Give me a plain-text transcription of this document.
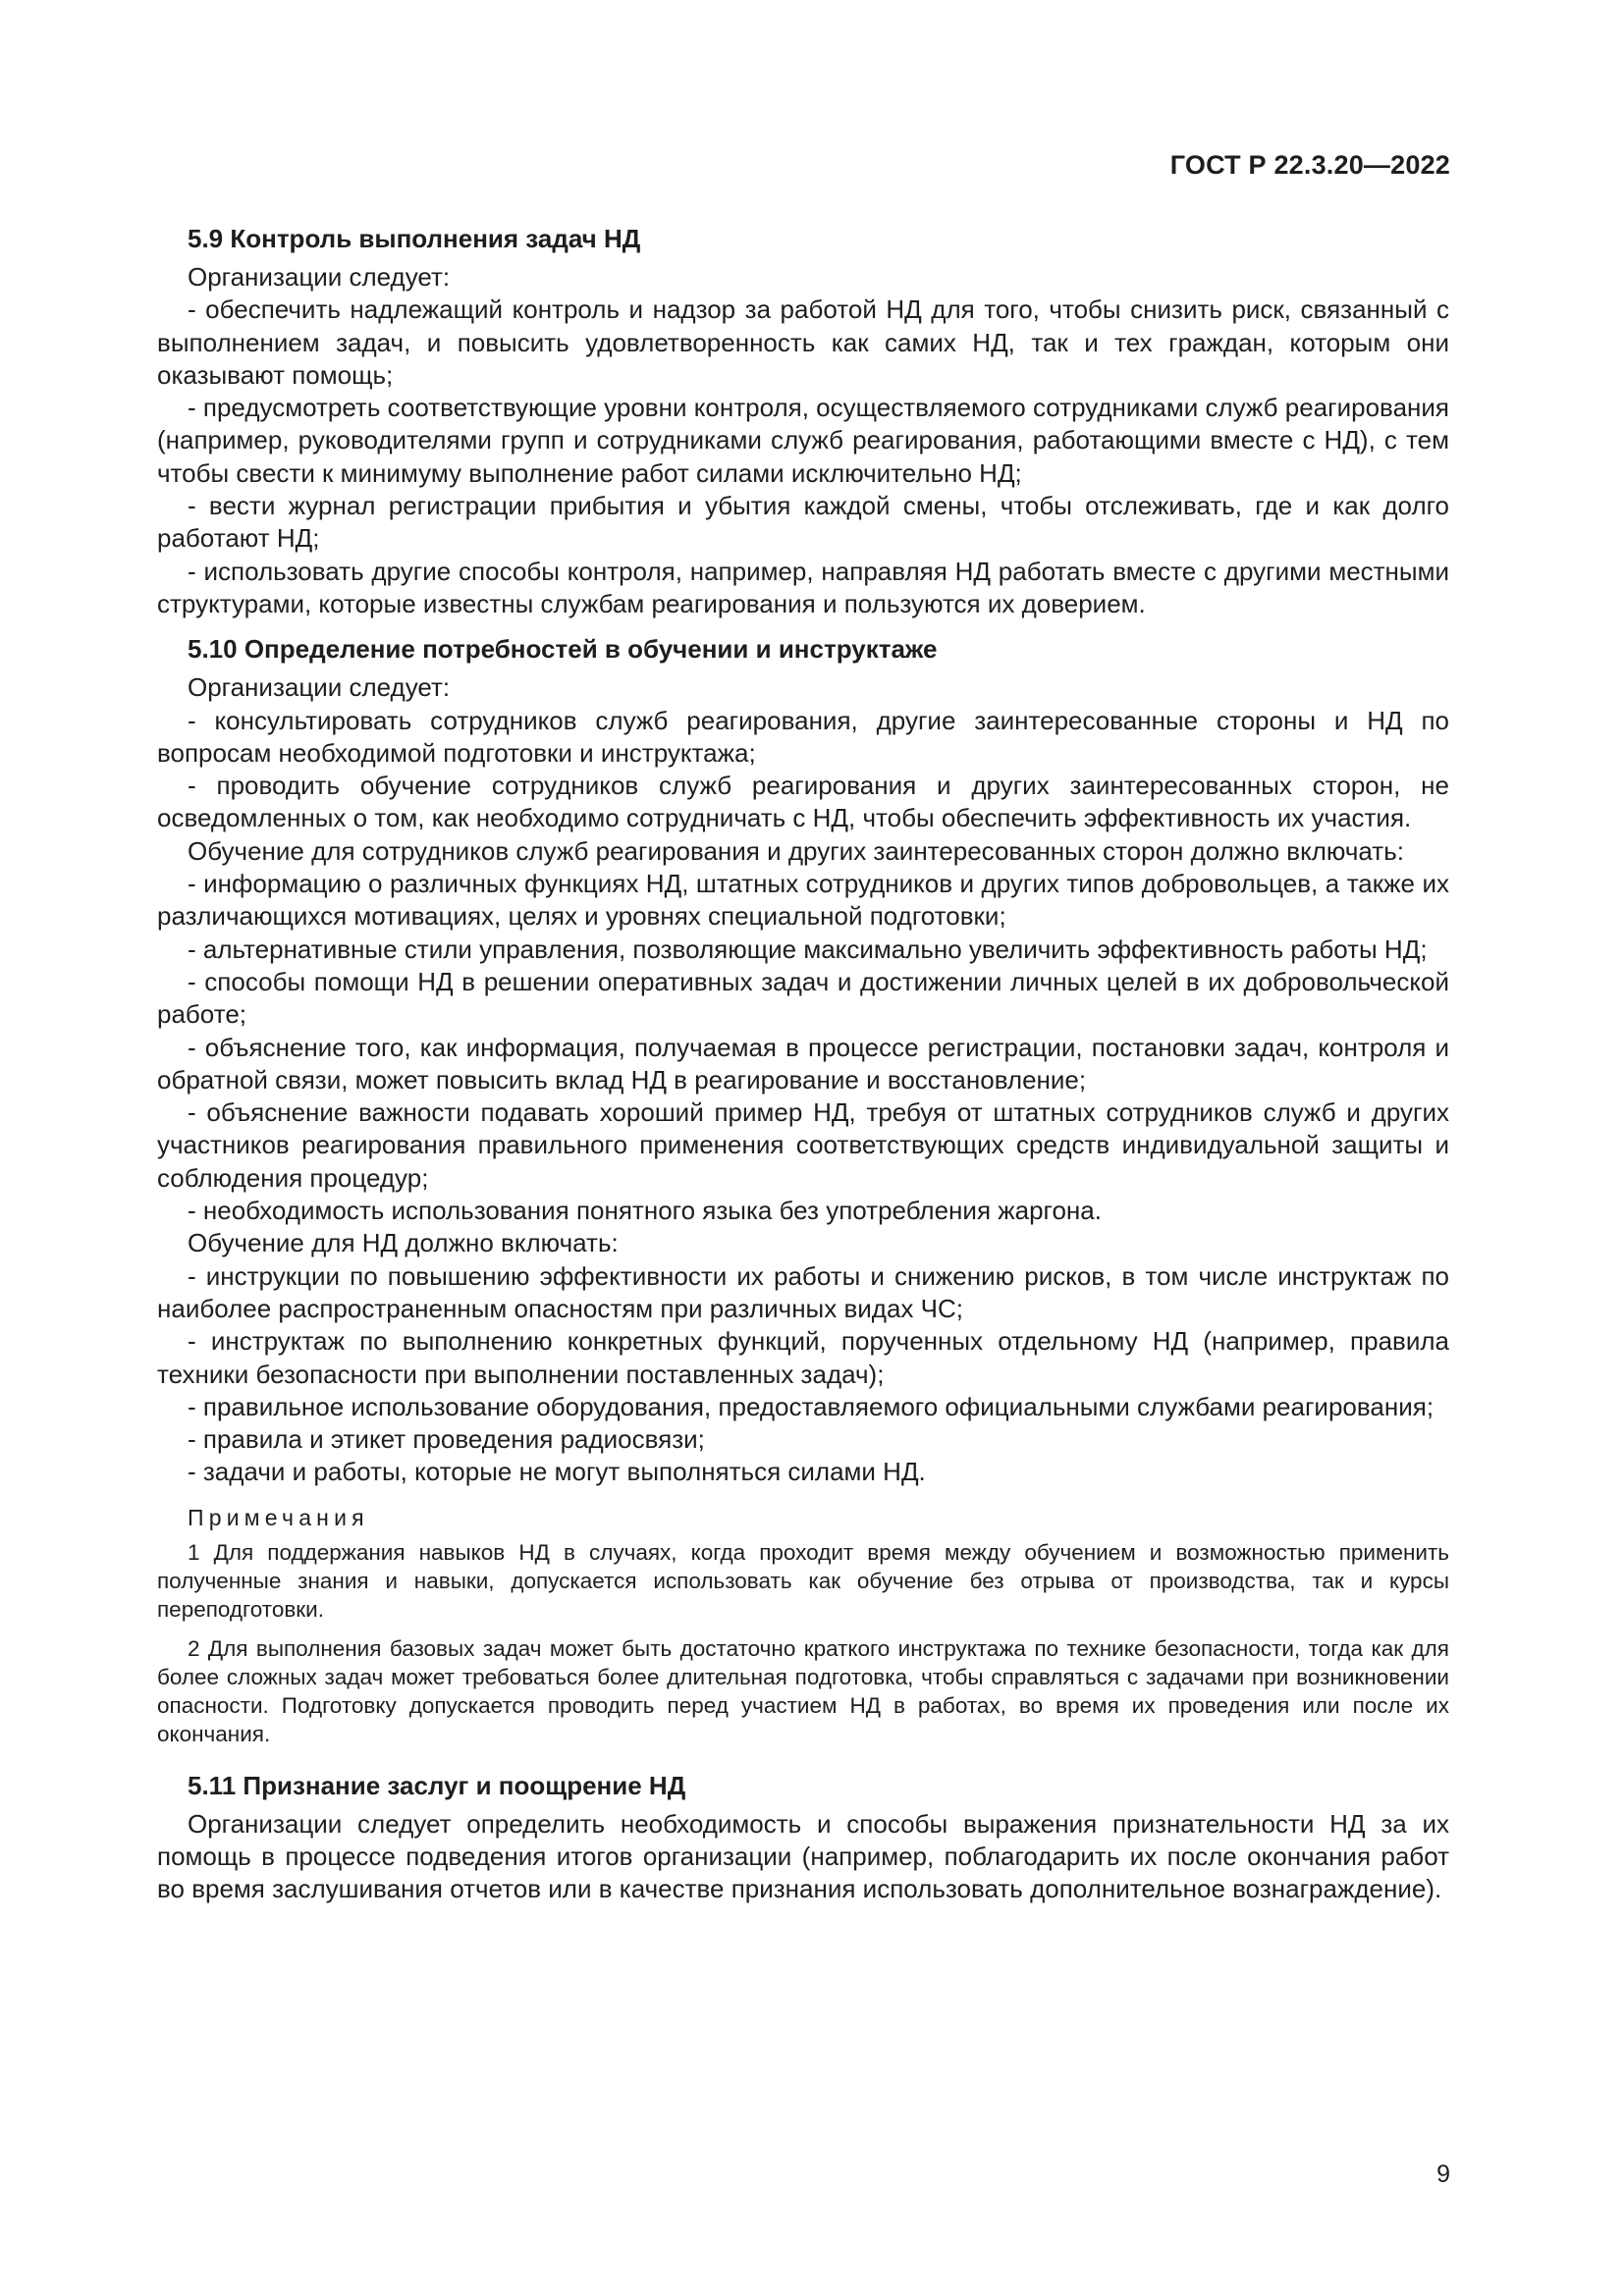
ГОСТ Р 22.3.20—2022
5.9 Контроль выполнения задач НД

Организации следует:

- обеспечить надлежащий контроль и надзор за работой НД для того, чтобы снизить риск, связанный с выполнением задач, и повысить удовлетворенность как самих НД, так и тех граждан, которым они оказывают помощь;

- предусмотреть соответствующие уровни контроля, осуществляемого сотрудниками служб реагирования (например, руководителями групп и сотрудниками служб реагирования, работающими вместе с НД), с тем чтобы свести к минимуму выполнение работ силами исключительно НД;

- вести журнал регистрации прибытия и убытия каждой смены, чтобы отслеживать, где и как долго работают НД;

- использовать другие способы контроля, например, направляя НД работать вместе с другими местными структурами, которые известны службам реагирования и пользуются их доверием.

5.10 Определение потребностей в обучении и инструктаже

Организации следует:

- консультировать сотрудников служб реагирования, другие заинтересованные стороны и НД по вопросам необходимой подготовки и инструктажа;

- проводить обучение сотрудников служб реагирования и других заинтересованных сторон, не осведомленных о том, как необходимо сотрудничать с НД, чтобы обеспечить эффективность их участия.

Обучение для сотрудников служб реагирования и других заинтересованных сторон должно включать:

- информацию о различных функциях НД, штатных сотрудников и других типов добровольцев, а также их различающихся мотивациях, целях и уровнях специальной подготовки;

- альтернативные стили управления, позволяющие максимально увеличить эффективность работы НД;

- способы помощи НД в решении оперативных задач и достижении личных целей в их добровольческой работе;

- объяснение того, как информация, получаемая в процессе регистрации, постановки задач, контроля и обратной связи, может повысить вклад НД в реагирование и восстановление;

- объяснение важности подавать хороший пример НД, требуя от штатных сотрудников служб и других участников реагирования правильного применения соответствующих средств индивидуальной защиты и соблюдения процедур;

- необходимость использования понятного языка без употребления жаргона.

Обучение для НД должно включать:

- инструкции по повышению эффективности их работы и снижению рисков, в том числе инструктаж по наиболее распространенным опасностям при различных видах ЧС;

- инструктаж по выполнению конкретных функций, порученных отдельному НД (например, правила техники безопасности при выполнении поставленных задач);

- правильное использование оборудования, предоставляемого официальными службами реагирования;

- правила и этикет проведения радиосвязи;

- задачи и работы, которые не могут выполняться силами НД.

Примечания

1 Для поддержания навыков НД в случаях, когда проходит время между обучением и возможностью применить полученные знания и навыки, допускается использовать как обучение без отрыва от производства, так и курсы переподготовки.

2 Для выполнения базовых задач может быть достаточно краткого инструктажа по технике безопасности, тогда как для более сложных задач может требоваться более длительная подготовка, чтобы справляться с задачами при возникновении опасности. Подготовку допускается проводить перед участием НД в работах, во время их проведения или после их окончания.

5.11 Признание заслуг и поощрение НД

Организации следует определить необходимость и способы выражения признательности НД за их помощь в процессе подведения итогов организации (например, поблагодарить их после окончания работ во время заслушивания отчетов или в качестве признания использовать дополнительное вознаграждение).

9
